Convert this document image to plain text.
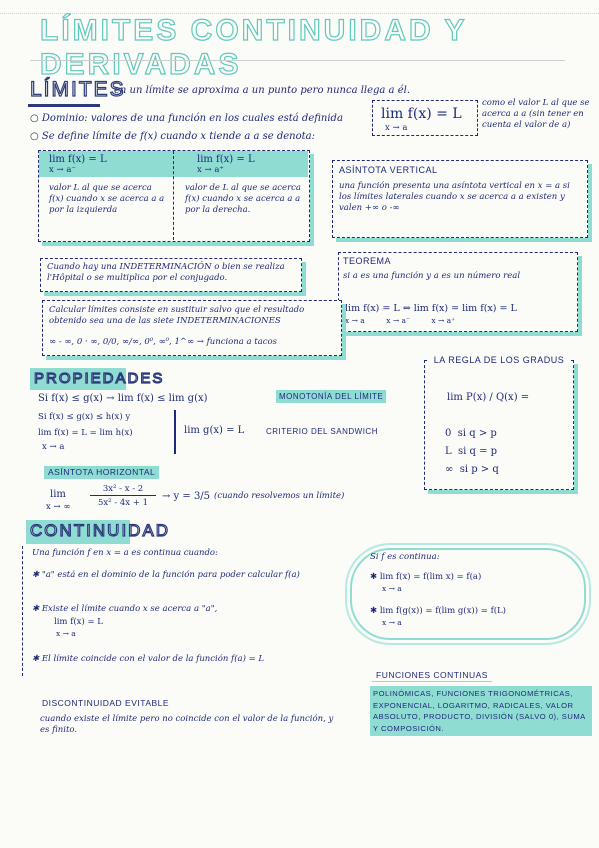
LÍMITES CONTINUIDAD Y DERIVADAS
LÍMITES
en un límite se aproxima a un punto pero nunca llega a él.
lim f(x) = L
x → a
como el valor L al que se acerca a a (sin tener en cuenta el valor de a)
○ Dominio: valores de una función en los cuales está definida
○ Se define límite de f(x) cuando x tiende a a se denota:
lim f(x) = L
x → a⁻
lim f(x) = L
x → a⁺
valor L al que se acerca f(x) cuando x se acerca a a por la izquierda
valor de L al que se acerca f(x) cuando x se acerca a a por la derecha.
ASÍNTOTA VERTICAL
una función presenta una asíntota vertical en x = a si los límites laterales cuando x se acerca a a existen y valen +∞ o -∞
Cuando hay una INDETERMINACIÓN o bien se realiza l'Hôpital o se multiplica por el conjugado.
TEOREMA
si a es una función y a es un número real
lim f(x) = L ⇔ lim f(x) = lim f(x) = L
x → a         x → a⁻         x → a⁺
Calcular límites consiste en sustituir salvo que el resultado obtenido sea una de las siete INDETERMINACIONES
∞ - ∞, 0 · ∞, 0/0, ∞/∞, 0⁰, ∞⁰, 1^∞ → funciona a tacos
PROPIEDADES
Si f(x) ≤ g(x) → lim f(x) ≤ lim g(x)	MONOTONÍA DEL LÍMITE
Si f(x) ≤ g(x) ≤ h(x) y
lim f(x) = L = lim h(x)
x → a
lim g(x) = L	CRITERIO DEL SANDWICH
LA REGLA DE LOS GRADUS
lim P(x) / Q(x) =
0 si q > p
L si q = p
∞ si p > q
ASÍNTOTA HORIZONTAL
lim
x → ∞
3x² - x - 2
5x² - 4x + 1
→ y = 3/5 (cuando resolvemos un límite)
CONTINUIDAD
Una función f en x = a es continua cuando:
✱ "a" está en el dominio de la función para poder calcular f(a)
✱ Existe el límite cuando x se acerca a "a",
lim f(x) = L
x → a
✱ El límite coincide con el valor de la función f(a) = L
Si f es continua:
✱ lim f(x) = f(lim x) = f(a)
x → a
✱ lim f(g(x)) = f(lim g(x)) = f(L)
x → a
FUNCIONES CONTINUAS
POLINÓMICAS, FUNCIONES TRIGONOMÉTRICAS, EXPONENCIAL, LOGARITMO, RADICALES, VALOR ABSOLUTO, PRODUCTO, DIVISIÓN (SALVO 0), SUMA Y COMPOSICIÓN.
DISCONTINUIDAD EVITABLE
cuando existe el límite pero no coincide con el valor de la función, y es finito.
